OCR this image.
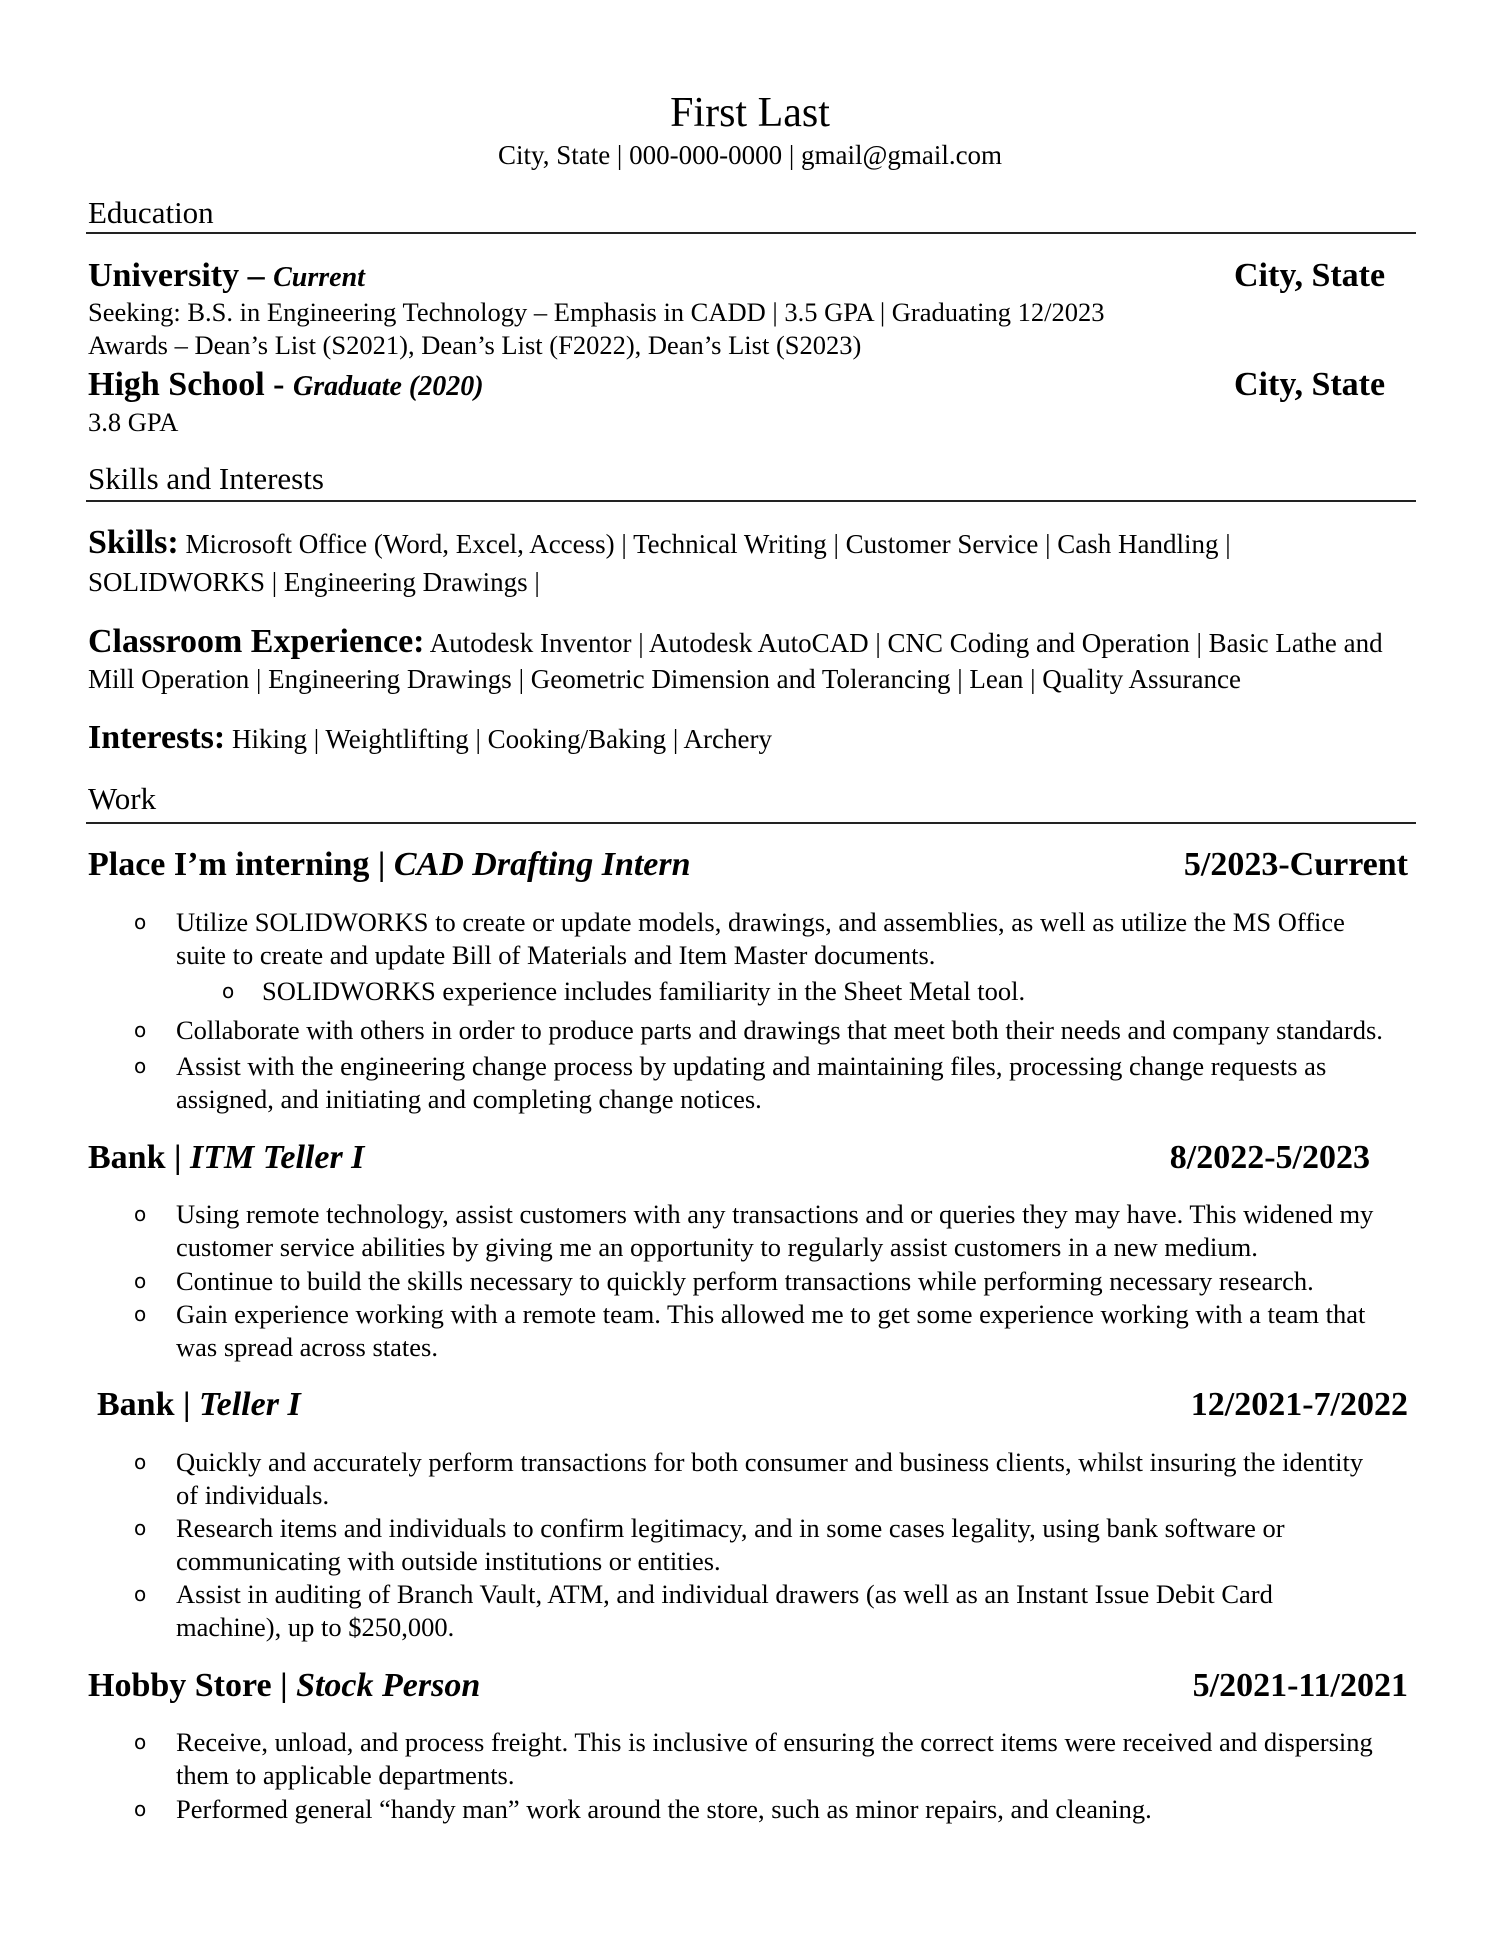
First Last
City, State | 000-000-0000 | gmail@gmail.com
Education
University – Current	City, State
Seeking: B.S. in Engineering Technology – Emphasis in CADD | 3.5 GPA | Graduating 12/2023
Awards – Dean’s List (S2021), Dean’s List (F2022), Dean’s List (S2023)
High School - Graduate (2020)	City, State
3.8 GPA
Skills and Interests
Skills: Microsoft Office (Word, Excel, Access) | Technical Writing | Customer Service | Cash Handling |
SOLIDWORKS | Engineering Drawings |
Classroom Experience: Autodesk Inventor | Autodesk AutoCAD | CNC Coding and Operation | Basic Lathe and
Mill Operation | Engineering Drawings | Geometric Dimension and Tolerancing | Lean | Quality Assurance
Interests: Hiking | Weightlifting | Cooking/Baking | Archery
Work
Place I’m interning | CAD Drafting Intern	5/2023-Current
o Utilize SOLIDWORKS to create or update models, drawings, and assemblies, as well as utilize the MS Office suite to create and update Bill of Materials and Item Master documents.
o SOLIDWORKS experience includes familiarity in the Sheet Metal tool.
o Collaborate with others in order to produce parts and drawings that meet both their needs and company standards.
o Assist with the engineering change process by updating and maintaining files, processing change requests as assigned, and initiating and completing change notices.
Bank | ITM Teller I	8/2022-5/2023
o Using remote technology, assist customers with any transactions and or queries they may have. This widened my customer service abilities by giving me an opportunity to regularly assist customers in a new medium.
o Continue to build the skills necessary to quickly perform transactions while performing necessary research.
o Gain experience working with a remote team. This allowed me to get some experience working with a team that was spread across states.
Bank | Teller I	12/2021-7/2022
o Quickly and accurately perform transactions for both consumer and business clients, whilst insuring the identity of individuals.
o Research items and individuals to confirm legitimacy, and in some cases legality, using bank software or communicating with outside institutions or entities.
o Assist in auditing of Branch Vault, ATM, and individual drawers (as well as an Instant Issue Debit Card machine), up to $250,000.
Hobby Store | Stock Person	5/2021-11/2021
o Receive, unload, and process freight. This is inclusive of ensuring the correct items were received and dispersing them to applicable departments.
o Performed general “handy man” work around the store, such as minor repairs, and cleaning.
